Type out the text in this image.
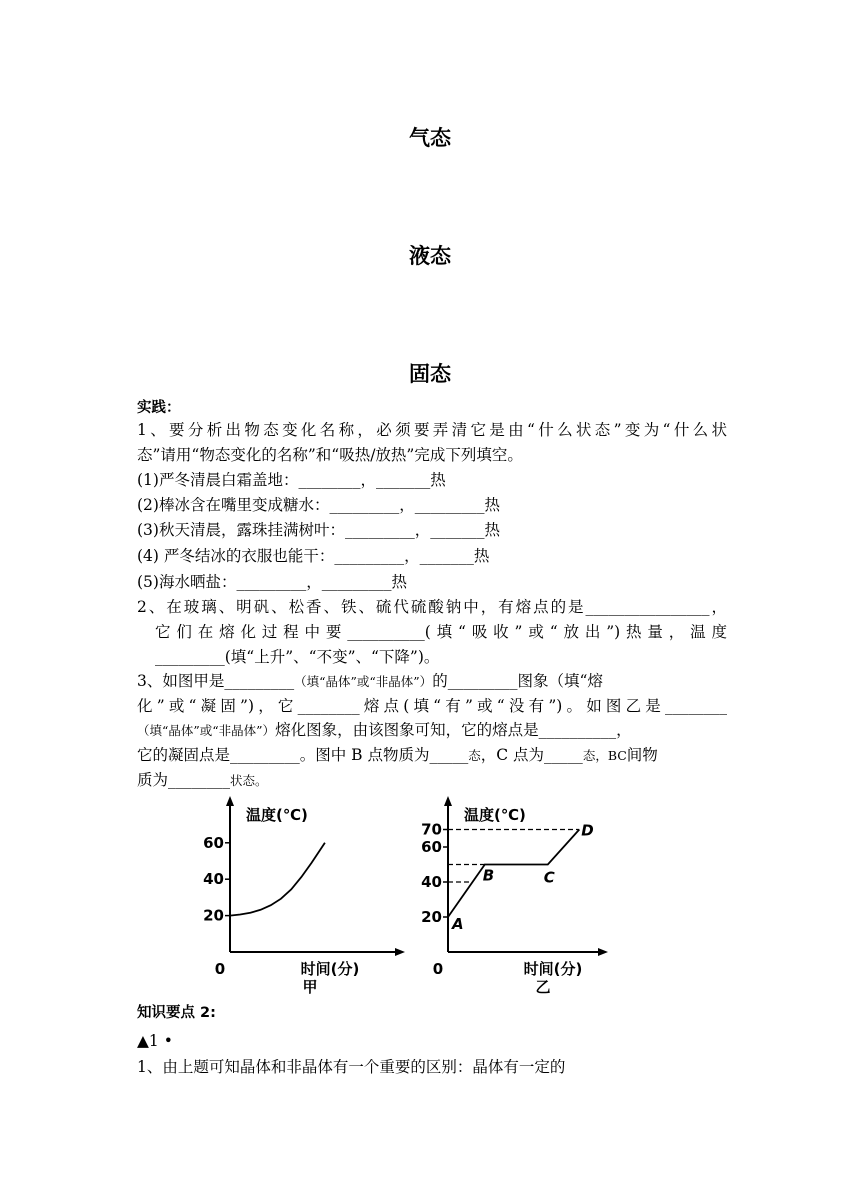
气态
液态
固态
实践：
1、要分析出物态变化名称，必须要弄清它是由“什么状态”变为“什么状
态”请用“物态变化的名称”和“吸热/放热”完成下列填空。
(1)严冬清晨白霜盖地：________，_______热
(2)棒冰含在嘴里变成糖水：_________，_________热
(3)秋天清晨，露珠挂满树叶：_________，_______热
(4) 严冬结冰的衣服也能干：_________，_______热
(5)海水晒盐：_________，_________热
2、在玻璃、明矾、松香、铁、硫代硫酸钠中，有熔点的是________________，
它们在熔化过程中要__________(填“吸收”或“放出”)热量，温度
_________(填“上升”、“不变”、“下降”)。
3、如图甲是_________（填“晶体”或“非晶体”）的_________图象（填“熔
化”或“凝固”)，它________熔点(填“有”或“没有”)。如图乙是________
（填“晶体”或“非晶体”）熔化图象，由该图象可知，它的熔点是__________，
它的凝固点是_________。图中 B 点物质为_____态，C 点为_____态，BC间物
质为________状态。
温度(℃)
0	时间(分)
甲
20
40
60
温度(℃)
0	时间(分)
乙
20
40
60
70
A
B	C
D
知识要点 2:
▲1 •
1、由上题可知晶体和非晶体有一个重要的区别：晶体有一定的
